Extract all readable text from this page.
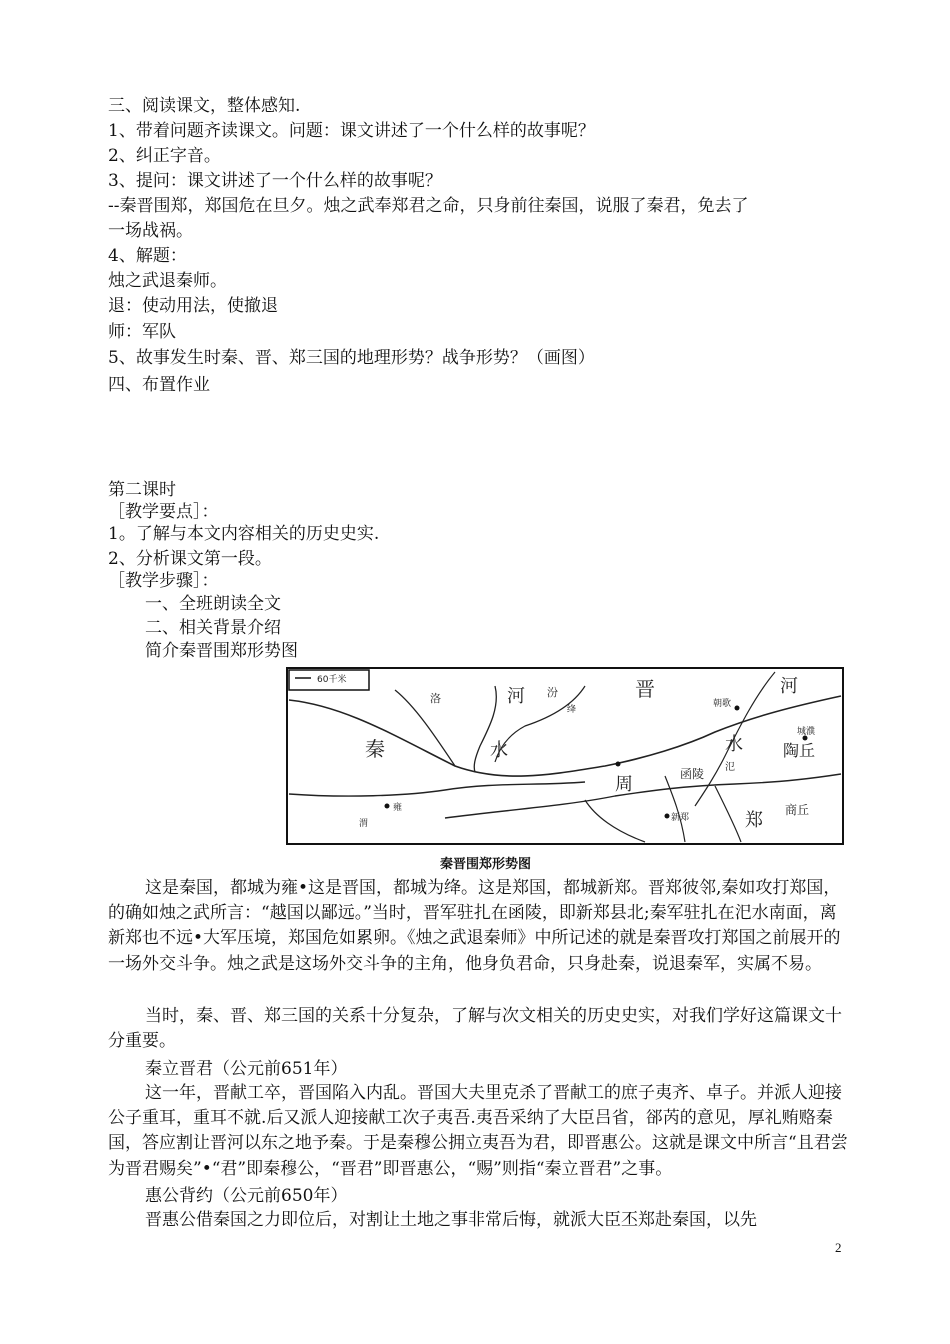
三、阅读课文，整体感知.
1、带着问题齐读课文。问题：课文讲述了一个什么样的故事呢？
2、纠正字音。
3、提问：课文讲述了一个什么样的故事呢？
--秦晋围郑，郑国危在旦夕。烛之武奉郑君之命，只身前往秦国，说服了秦君，免去了
一场战祸。
4、解题：
烛之武退秦师。
退：使动用法，使撤退
师：军队
5、故事发生时秦、晋、郑三国的地理形势？战争形势？（画图）
四、布置作业
第二课时
［教学要点］：
1。了解与本文内容相关的历史史实.
2、分析课文第一段。
［教学步骤］：
一、全班朗读全文
二、相关背景介绍
简介秦晋围郑形势图
60千米
秦
晋
周
郑
河	河
水	水	陶丘
商丘
洛	汾
绛
雍
渭
函陵
新郑
氾
城濮
朝歌
秦晋围郑形势图
这是秦国，都城为雍•这是晋国，都城为绛。这是郑国，都城新郑。晋郑彼邻,秦如攻打郑国，的确如烛之武所言：“越国以鄙远。”当时，晋军驻扎在函陵，即新郑县北;秦军驻扎在汜水南面，离新郑也不远•大军压境，郑国危如累卵。《烛之武退秦师》中所记述的就是秦晋攻打郑国之前展开的一场外交斗争。烛之武是这场外交斗争的主角，他身负君命，只身赴秦，说退秦军，实属不易。
当时，秦、晋、郑三国的关系十分复杂，了解与次文相关的历史史实，对我们学好这篇课文十分重要。
秦立晋君（公元前651年）
这一年，晋献工卒，晋国陷入内乱。晋国大夫里克杀了晋献工的庶子夷齐、卓子。并派人迎接公子重耳，重耳不就.后又派人迎接献工次子夷吾.夷吾采纳了大臣吕省，郤芮的意见，厚礼贿赂秦国，答应割让晋河以东之地予秦。于是秦穆公拥立夷吾为君，即晋惠公。这就是课文中所言“且君尝为晋君赐矣”•“君”即秦穆公，“晋君”即晋惠公，“赐”则指“秦立晋君”之事。
惠公背约（公元前650年）
晋惠公借秦国之力即位后，对割让土地之事非常后悔，就派大臣丕郑赴秦国，以先
2
